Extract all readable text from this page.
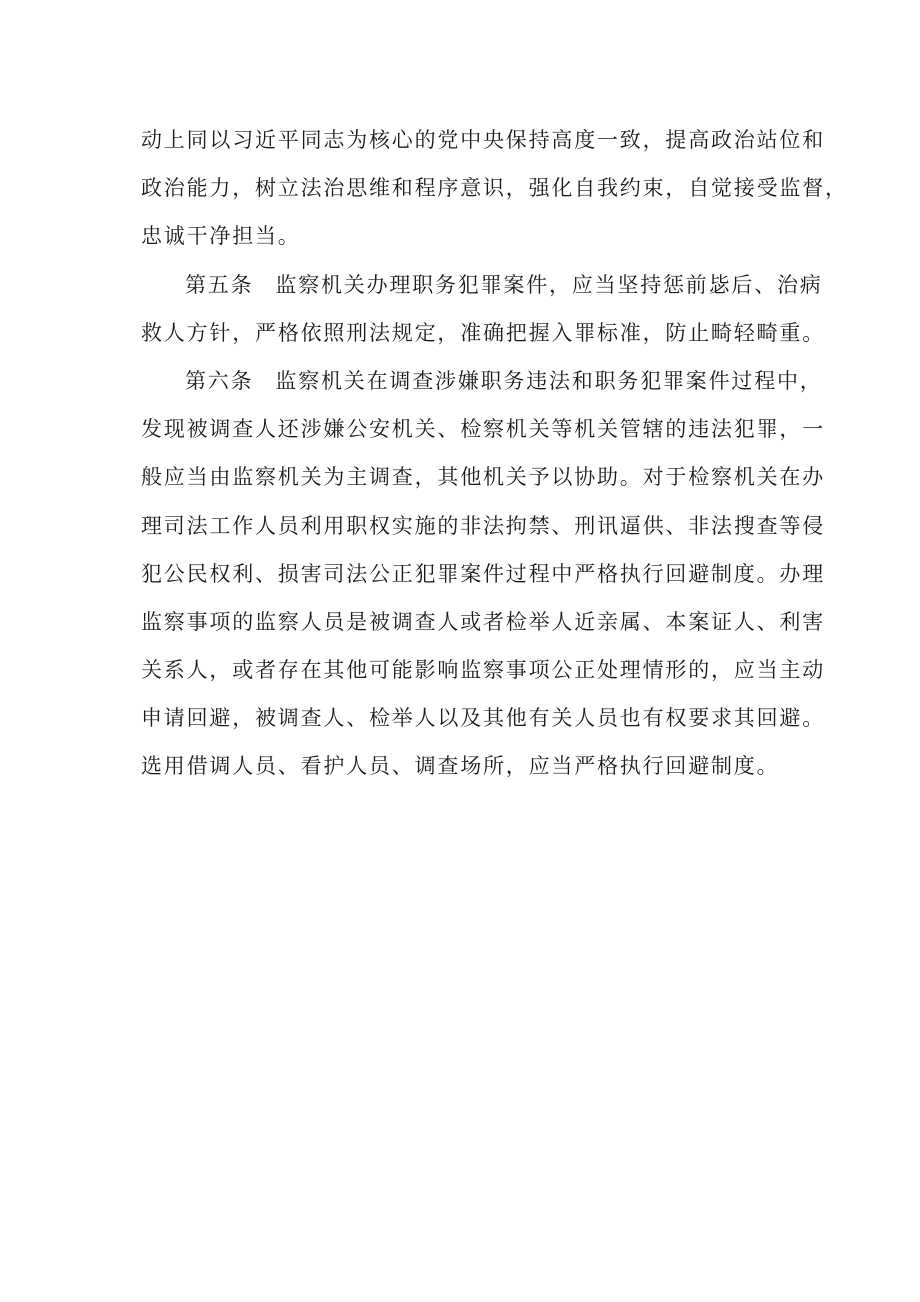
动上同以习近平同志为核心的党中央保持高度一致，提高政治站位和
政治能力，树立法治思维和程序意识，强化自我约束，自觉接受监督，
忠诚干净担当。
第五条 监察机关办理职务犯罪案件，应当坚持惩前毖后、治病
救人方针，严格依照刑法规定，准确把握入罪标准，防止畸轻畸重。
第六条 监察机关在调查涉嫌职务违法和职务犯罪案件过程中，
发现被调查人还涉嫌公安机关、检察机关等机关管辖的违法犯罪，一
般应当由监察机关为主调查，其他机关予以协助。对于检察机关在办
理司法工作人员利用职权实施的非法拘禁、刑讯逼供、非法搜查等侵
犯公民权利、损害司法公正犯罪案件过程中严格执行回避制度。办理
监察事项的监察人员是被调查人或者检举人近亲属、本案证人、利害
关系人，或者存在其他可能影响监察事项公正处理情形的，应当主动
申请回避，被调查人、检举人以及其他有关人员也有权要求其回避。
选用借调人员、看护人员、调查场所，应当严格执行回避制度。
